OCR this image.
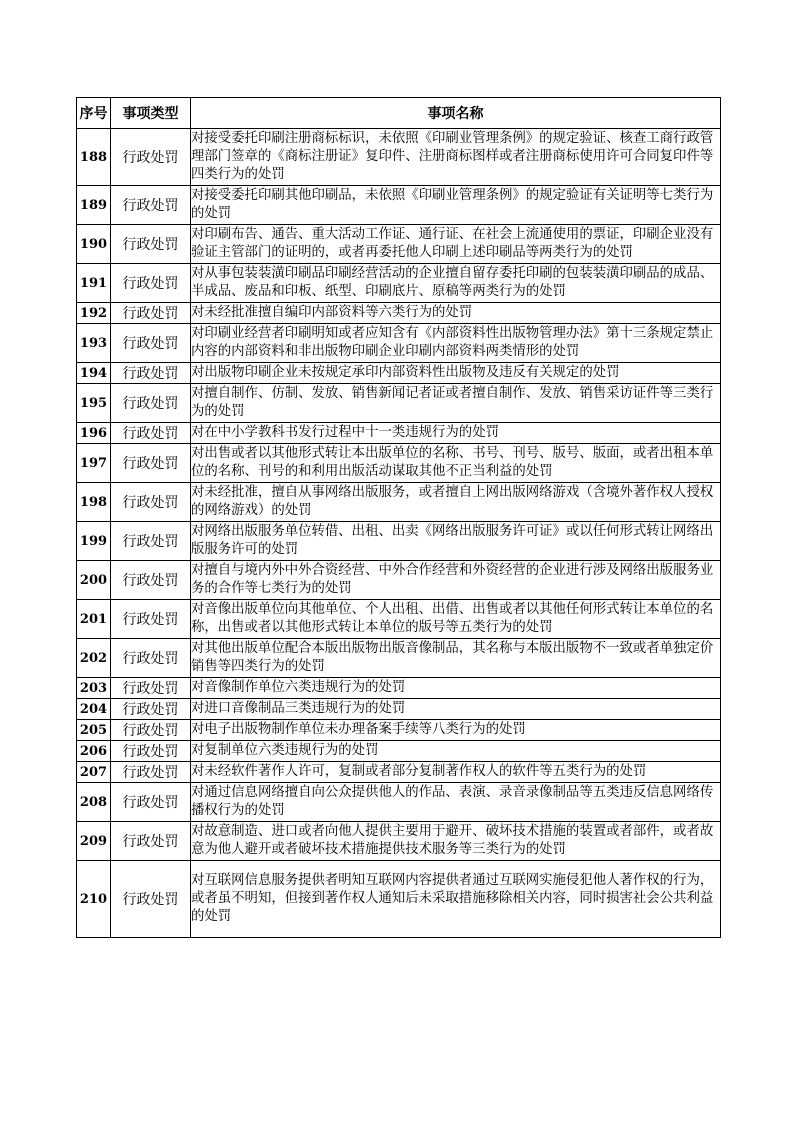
序号	事项类型	事项名称
188	行政处罚	对接受委托印刷注册商标标识，未依照《印刷业管理条例》的规定验证、核查工商行政管理部门签章的《商标注册证》复印件、注册商标图样或者注册商标使用许可合同复印件等四类行为的处罚
189	行政处罚	对接受委托印刷其他印刷品，未依照《印刷业管理条例》的规定验证有关证明等七类行为的处罚
190	行政处罚	对印刷布告、通告、重大活动工作证、通行证、在社会上流通使用的票证，印刷企业没有验证主管部门的证明的，或者再委托他人印刷上述印刷品等两类行为的处罚
191	行政处罚	对从事包装装潢印刷品印刷经营活动的企业擅自留存委托印刷的包装装潢印刷品的成品、半成品、废品和印板、纸型、印刷底片、原稿等两类行为的处罚
192	行政处罚	对未经批准擅自编印内部资料等六类行为的处罚
193	行政处罚	对印刷业经营者印刷明知或者应知含有《内部资料性出版物管理办法》第十三条规定禁止内容的内部资料和非出版物印刷企业印刷内部资料两类情形的处罚
194	行政处罚	对出版物印刷企业未按规定承印内部资料性出版物及违反有关规定的处罚
195	行政处罚	对擅自制作、仿制、发放、销售新闻记者证或者擅自制作、发放、销售采访证件等三类行为的处罚
196	行政处罚	对在中小学教科书发行过程中十一类违规行为的处罚
197	行政处罚	对出售或者以其他形式转让本出版单位的名称、书号、刊号、版号、版面，或者出租本单位的名称、刊号的和利用出版活动谋取其他不正当利益的处罚
198	行政处罚	对未经批准，擅自从事网络出版服务，或者擅自上网出版网络游戏（含境外著作权人授权的网络游戏）的处罚
199	行政处罚	对网络出版服务单位转借、出租、出卖《网络出版服务许可证》或以任何形式转让网络出版服务许可的处罚
200	行政处罚	对擅自与境内外中外合资经营、中外合作经营和外资经营的企业进行涉及网络出版服务业务的合作等七类行为的处罚
201	行政处罚	对音像出版单位向其他单位、个人出租、出借、出售或者以其他任何形式转让本单位的名称，出售或者以其他形式转让本单位的版号等五类行为的处罚
202	行政处罚	对其他出版单位配合本版出版物出版音像制品，其名称与本版出版物不一致或者单独定价销售等四类行为的处罚
203	行政处罚	对音像制作单位六类违规行为的处罚
204	行政处罚	对进口音像制品三类违规行为的处罚
205	行政处罚	对电子出版物制作单位未办理备案手续等八类行为的处罚
206	行政处罚	对复制单位六类违规行为的处罚
207	行政处罚	对未经软件著作人许可，复制或者部分复制著作权人的软件等五类行为的处罚
208	行政处罚	对通过信息网络擅自向公众提供他人的作品、表演、录音录像制品等五类违反信息网络传播权行为的处罚
209	行政处罚	对故意制造、进口或者向他人提供主要用于避开、破坏技术措施的装置或者部件，或者故意为他人避开或者破坏技术措施提供技术服务等三类行为的处罚
210	行政处罚	对互联网信息服务提供者明知互联网内容提供者通过互联网实施侵犯他人著作权的行为，或者虽不明知，但接到著作权人通知后未采取措施移除相关内容，同时损害社会公共利益的处罚
